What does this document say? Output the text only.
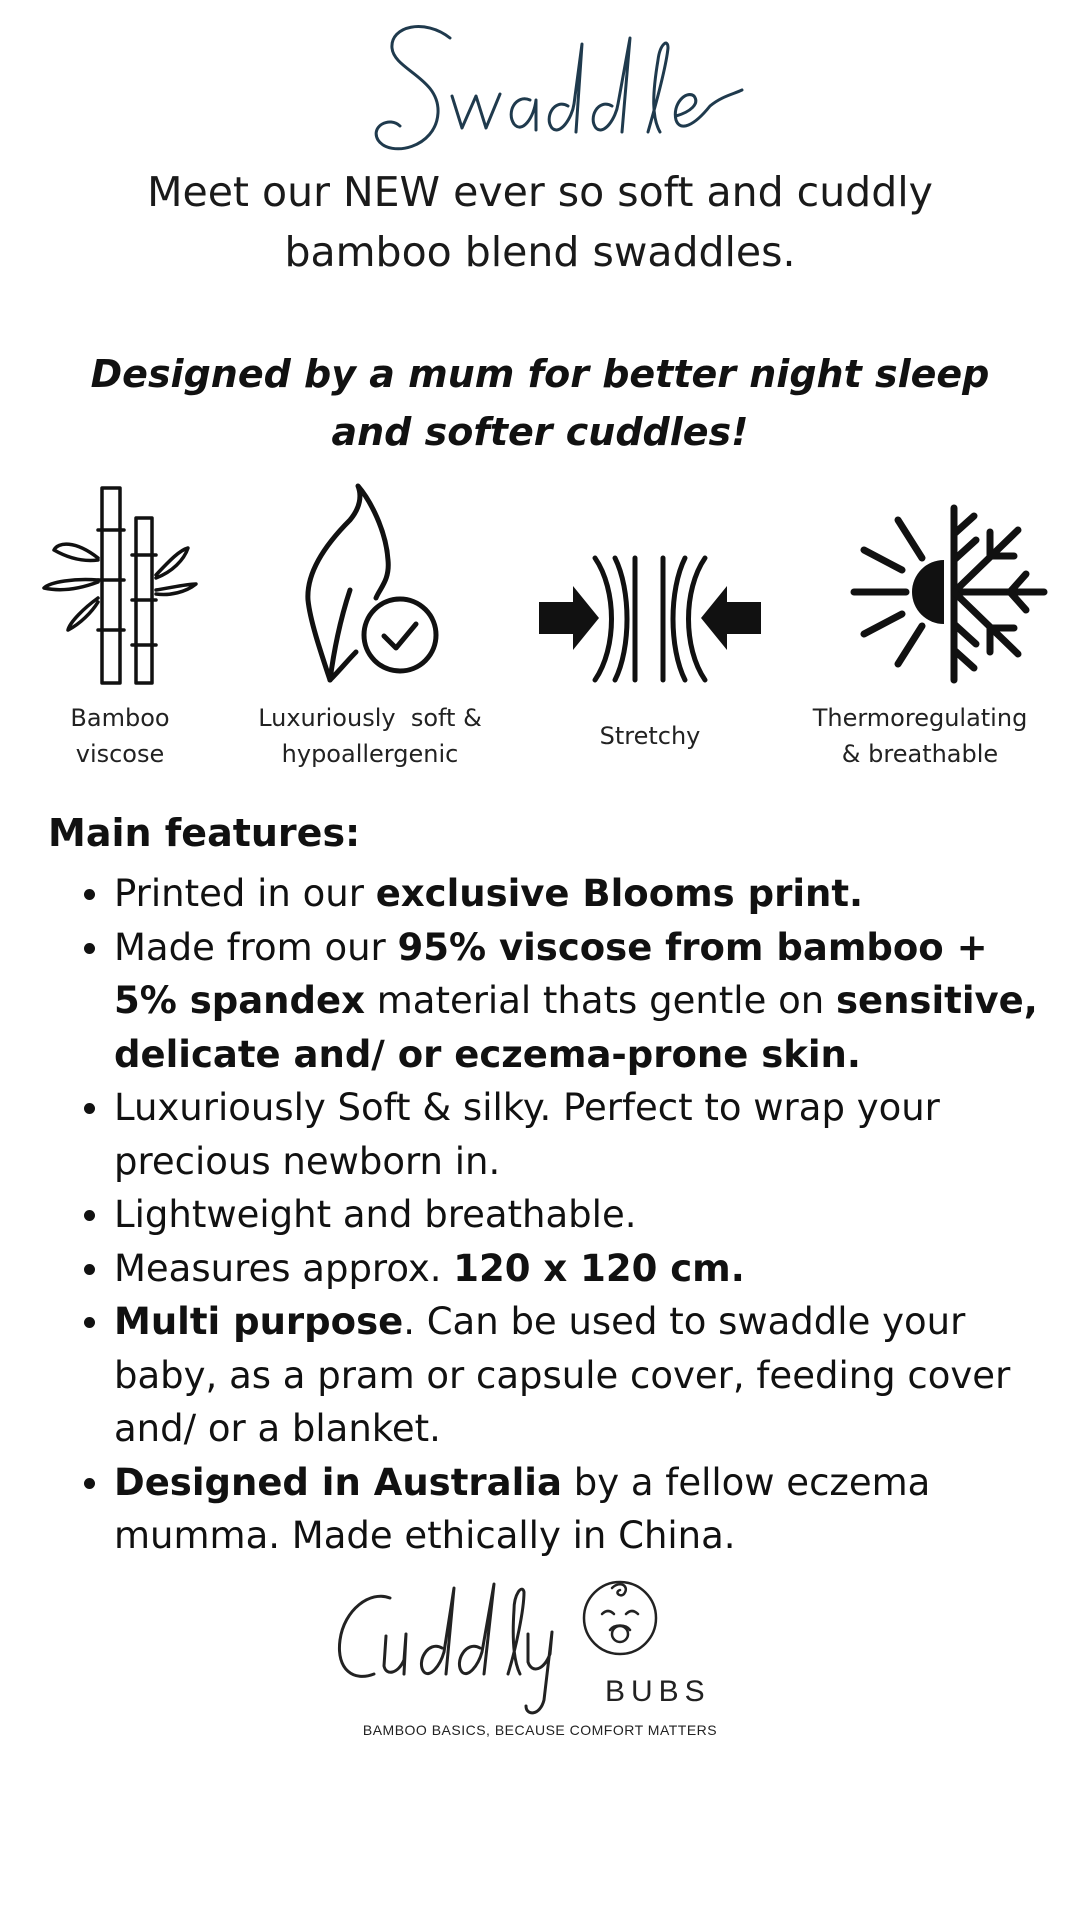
Meet our NEW ever so soft and cuddly
bamboo blend swaddles.
Designed by a mum for better night sleep
and softer cuddles!
Bamboo
viscose
Luxuriously  soft &
hypoallergenic
Stretchy
Thermoregulating
& breathable
Main features:
Printed in our exclusive Blooms print.
Made from our 95% viscose from bamboo + 5% spandex material thats gentle on sensitive, delicate and/ or eczema-prone skin.
Luxuriously Soft & silky. Perfect to wrap your precious newborn in.
Lightweight and breathable.
Measures approx. 120 x 120 cm.
Multi purpose. Can be used to swaddle your baby, as a pram or capsule cover, feeding cover and/ or a blanket.
Designed in Australia by a fellow eczema mumma. Made ethically in China.
BUBS
BAMBOO BASICS, BECAUSE COMFORT MATTERS
